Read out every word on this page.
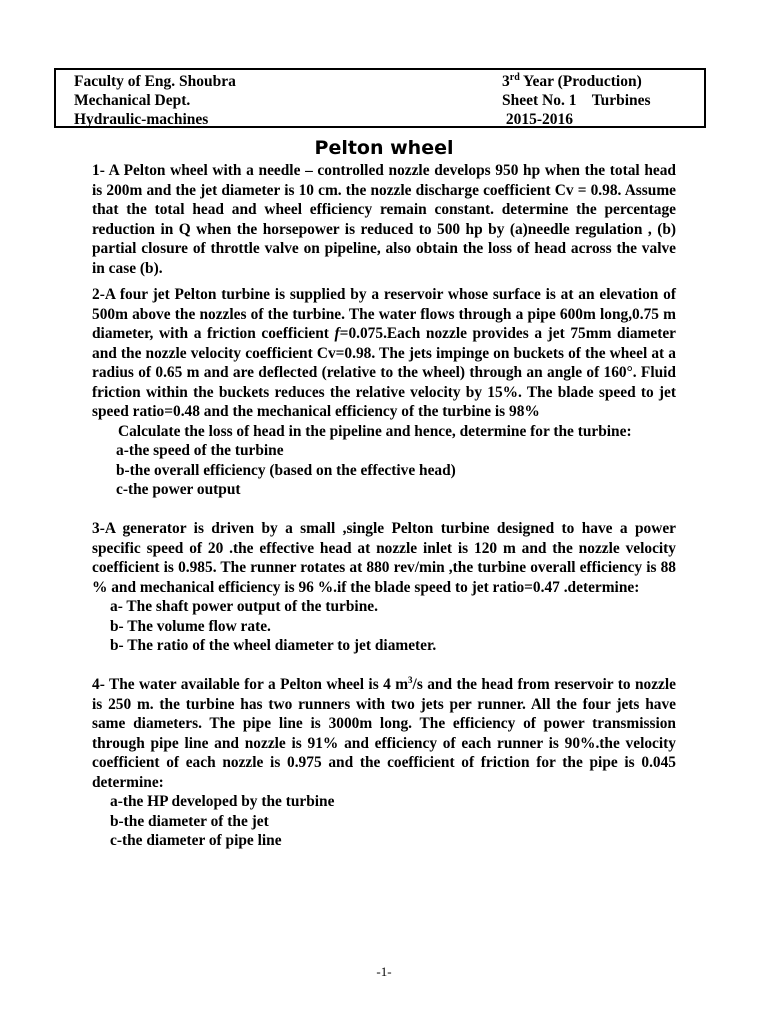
Faculty of Eng. Shoubra	3rd Year (Production)
Mechanical Dept.	Sheet No. 1    Turbines
Hydraulic-machines	2015-2016
Pelton wheel

1- A Pelton wheel with a needle – controlled nozzle develops 950 hp when the total head is 200m and the jet diameter is 10 cm. the nozzle discharge coefficient Cv = 0.98. Assume that the total head and wheel efficiency remain constant. determine the percentage reduction in Q when the horsepower is reduced to 500 hp by (a)needle regulation , (b) partial closure of throttle valve on pipeline, also obtain the loss of head across the valve in case (b).

2-A four jet Pelton turbine is supplied by a reservoir whose surface is at an elevation of 500m above the nozzles of the turbine. The water flows through a pipe 600m long,0.75 m diameter, with a friction coefficient f=0.075.Each nozzle provides a jet 75mm diameter and the nozzle velocity coefficient Cv=0.98. The jets impinge on buckets of the wheel at a radius of 0.65 m and are deflected (relative to the wheel) through an angle of 160°. Fluid friction within the buckets reduces the relative velocity by 15%. The blade speed to jet speed ratio=0.48 and the mechanical efficiency of the turbine is 98%

Calculate the loss of head in the pipeline and hence, determine for the turbine:

a-the speed of the turbine

b-the overall efficiency (based on the effective head)

c-the power output

3-A generator is driven by a small ,single Pelton turbine designed to have a power specific speed of 20 .the effective head at nozzle inlet is 120 m and the nozzle velocity coefficient is 0.985. The runner rotates at 880 rev/min ,the turbine overall efficiency is 88 % and mechanical efficiency is 96 %.if the blade speed to jet ratio=0.47 .determine:

a- The shaft power output of the turbine.

b- The volume flow rate.

b- The ratio of the wheel diameter to jet diameter.

4- The water available for a Pelton wheel is 4 $m^3/s$ and the head from reservoir to nozzle is 250 m. the turbine has two runners with two jets per runner. All the four jets have same diameters. The pipe line is 3000m long. The efficiency of power transmission through pipe line and nozzle is 91% and efficiency of each runner is 90%.the velocity coefficient of each nozzle is 0.975 and the coefficient of friction for the pipe is 0.045 determine:

a-the HP developed by the turbine

b-the diameter of the jet

c-the diameter of pipe line

-1-
